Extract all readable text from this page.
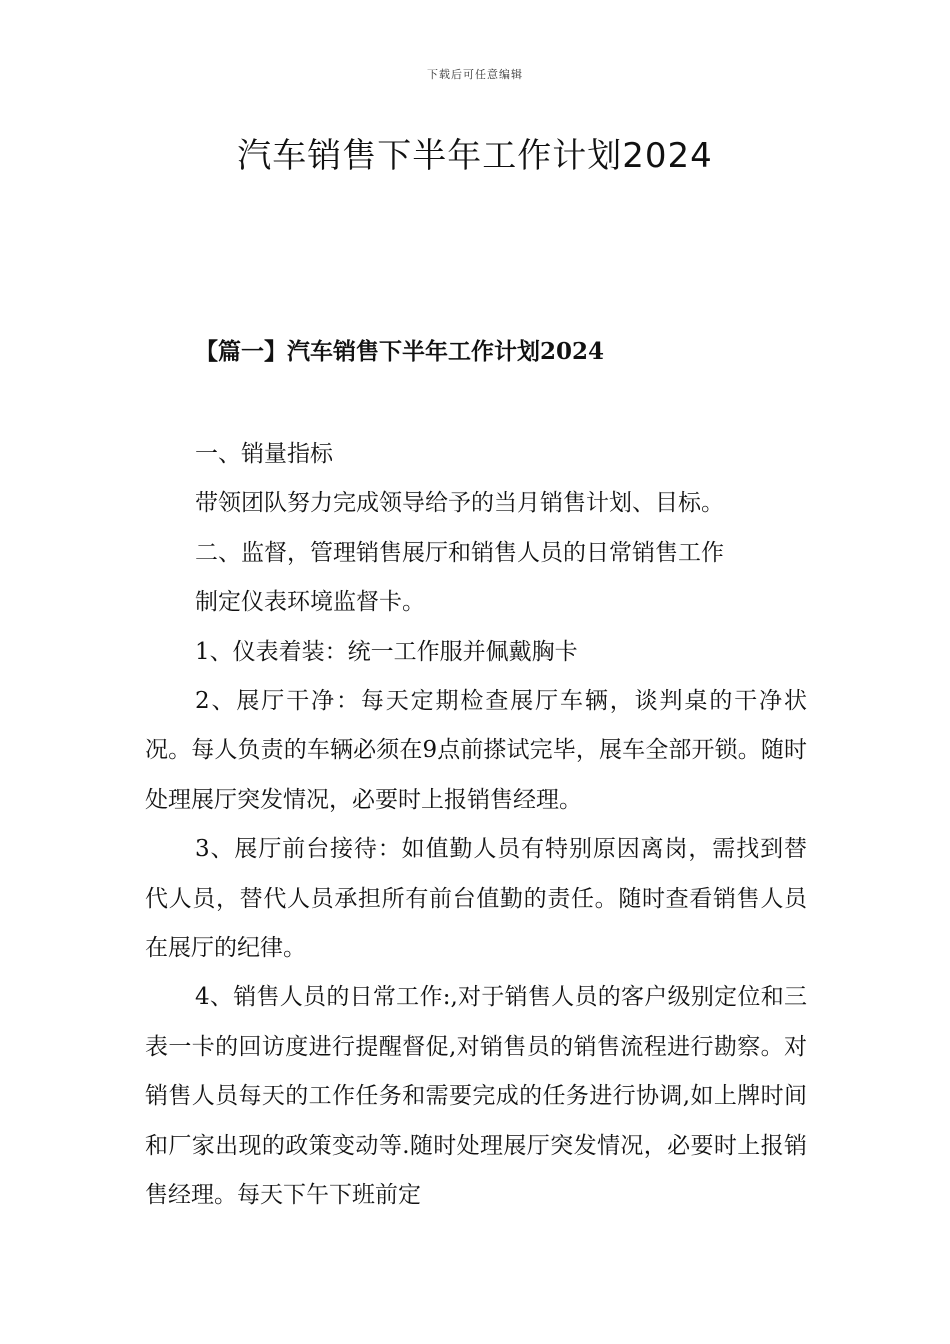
下载后可任意编辑
汽车销售下半年工作计划2024
【篇一】汽车销售下半年工作计划2024

一、销量指标

带领团队努力完成领导给予的当月销售计划、目标。

二、监督，管理销售展厅和销售人员的日常销售工作

制定仪表环境监督卡。

1、仪表着装：统一工作服并佩戴胸卡

2、展厅干净：每天定期检查展厅车辆，谈判桌的干净状况。每人负责的车辆必须在9点前搽试完毕，展车全部开锁。随时处理展厅突发情况，必要时上报销售经理。

3、展厅前台接待：如值勤人员有特别原因离岗，需找到替代人员，替代人员承担所有前台值勤的责任。随时查看销售人员在展厅的纪律。

4、销售人员的日常工作:,对于销售人员的客户级别定位和三表一卡的回访度进行提醒督促,对销售员的销售流程进行勘察。对销售人员每天的工作任务和需要完成的任务进行协调,如上牌时间和厂家出现的政策变动等.随时处理展厅突发情况，必要时上报销售经理。每天下午下班前定
